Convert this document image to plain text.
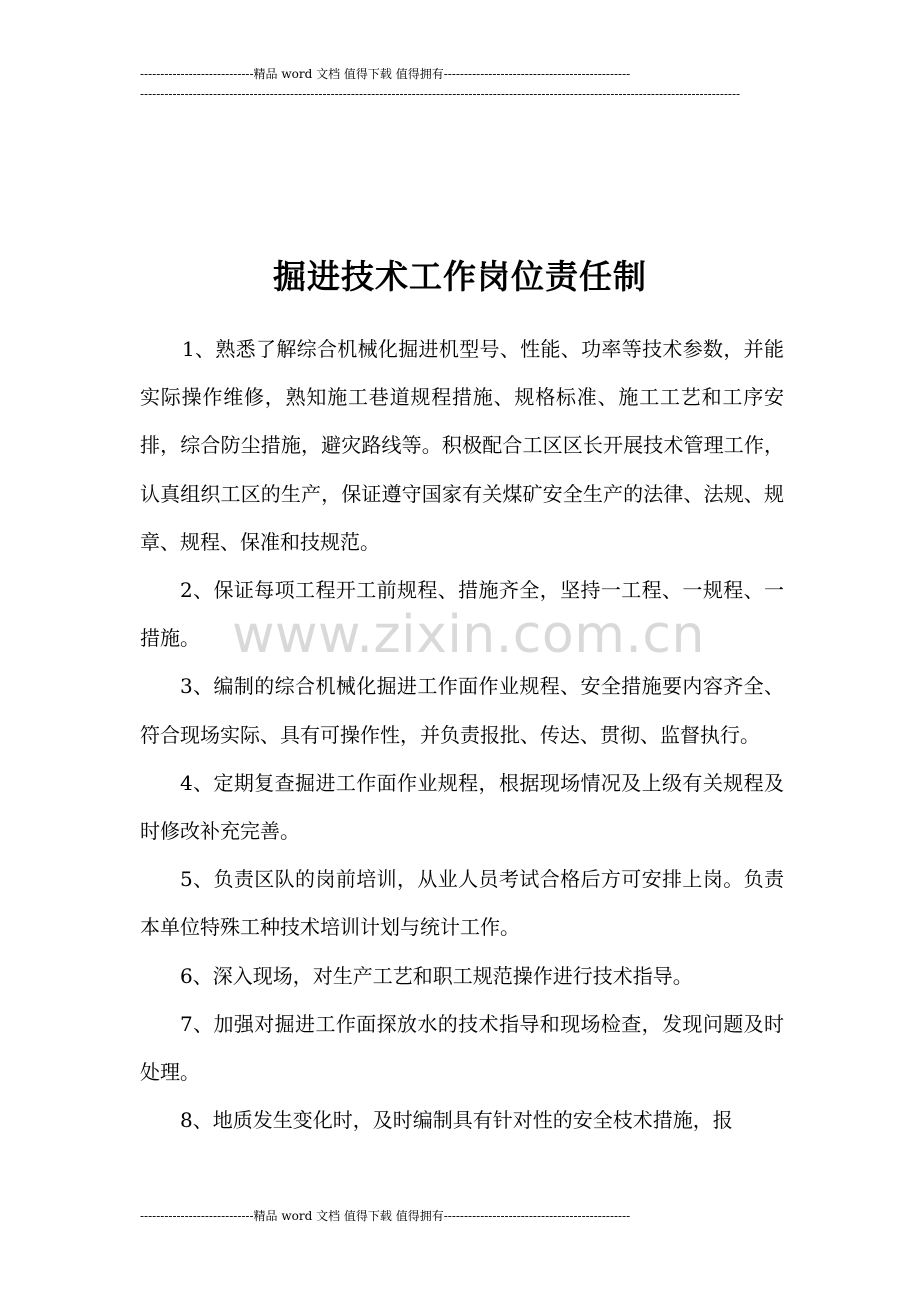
----------------------------精品 word 文档 值得下载 值得拥有----------------------------------------------
----------------------------------------------------------------------------------------------------------------------------------------------------
掘进技术工作岗位责任制

1、熟悉了解综合机械化掘进机型号、性能、功率等技术参数，并能实际操作维修，熟知施工巷道规程措施、规格标准、施工工艺和工序安排，综合防尘措施，避灾路线等。积极配合工区区长开展技术管理工作，认真组织工区的生产，保证遵守国家有关煤矿安全生产的法律、法规、规章、规程、保准和技规范。

2、保证每项工程开工前规程、措施齐全，坚持一工程、一规程、一措施。

3、编制的综合机械化掘进工作面作业规程、安全措施要内容齐全、符合现场实际、具有可操作性，并负责报批、传达、贯彻、监督执行。

4、定期复查掘进工作面作业规程，根据现场情况及上级有关规程及时修改补充完善。

5、负责区队的岗前培训，从业人员考试合格后方可安排上岗。负责本单位特殊工种技术培训计划与统计工作。

6、深入现场，对生产工艺和职工规范操作进行技术指导。

7、加强对掘进工作面探放水的技术指导和现场检查，发现问题及时处理。

8、地质发生变化时，及时编制具有针对性的安全枝术措施，报

www.zixin.com.cn
----------------------------精品 word 文档 值得下载 值得拥有----------------------------------------------
